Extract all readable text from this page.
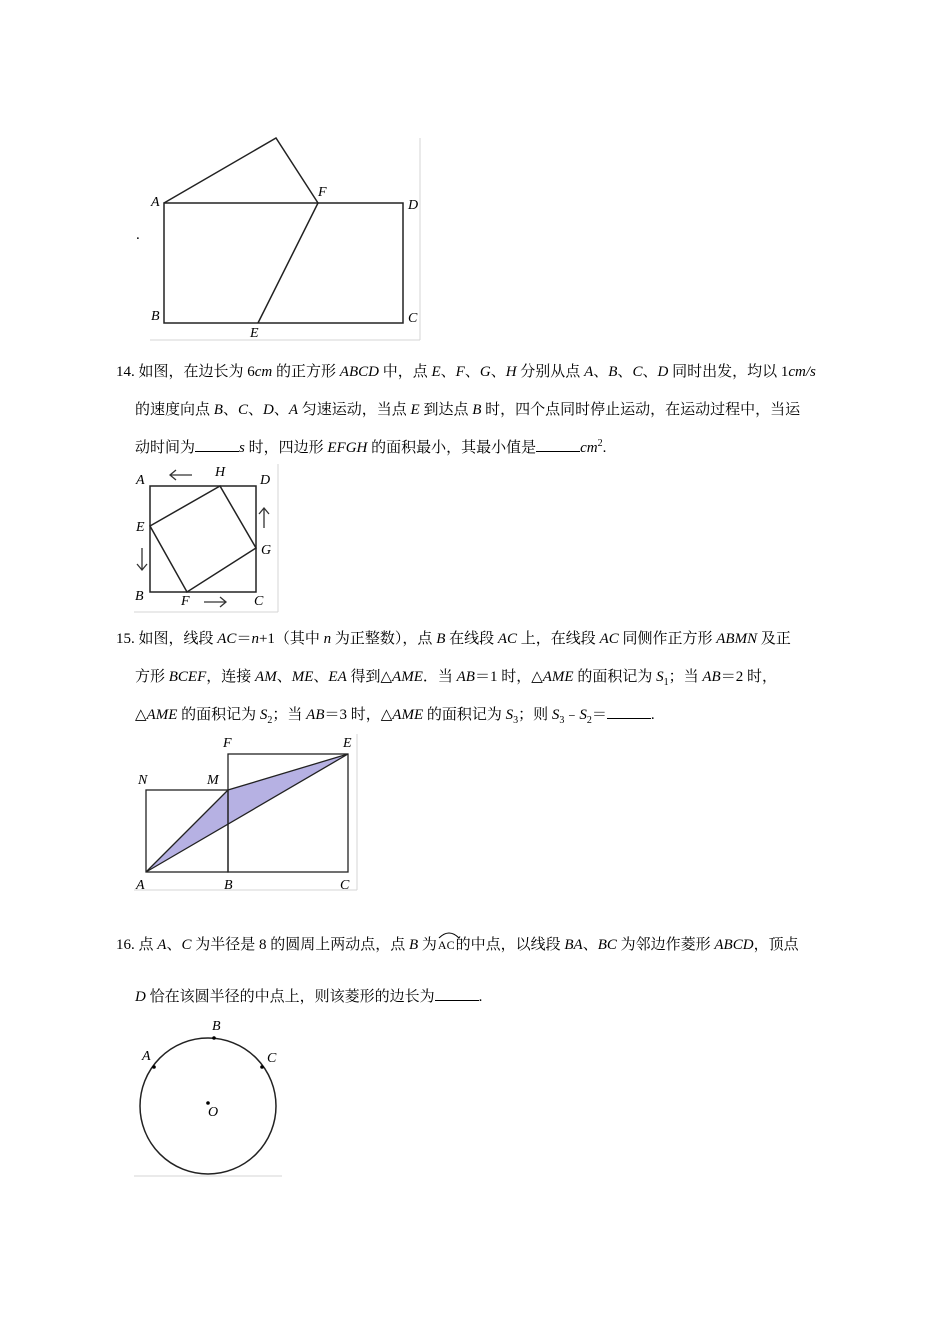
.
A
F
D
B	C
E
14. 如图，在边长为 6cm 的正方形 ABCD 中，点 E、F、G、H 分别从点 A、B、C、D 同时出发，均以 1cm/s
的速度向点 B、C、D、A 匀速运动，当点 E 到达点 B 时，四个点同时停止运动，在运动过程中，当运
动时间为	s 时，四边形 EFGH 的面积最小，其最小值是	$cm^2$.
A
H
D
E
G
B	F	C
15. 如图，线段 AC＝n+1（其中 n 为正整数），点 B 在线段 AC 上，在线段 AC 同侧作正方形 ABMN 及正
方形 BCEF，连接 AM、ME、EA 得到△AME．当 AB＝1 时，△AME 的面积记为 $S_1$；当 AB＝2 时，
△AME 的面积记为 $S_2$；当 AB＝3 时，△AME 的面积记为 $S_3$；则 $S_3﹣S_2=$	.
F	E
N	M
A	B	C
16. 点 A、C 为半径是 8 的圆周上两动点，点 B 为
AC的中点，以线段 BA、BC 为邻边作菱形 ABCD，顶点
D 恰在该圆半径的中点上，则该菱形的边长为	.
A
B
C
O
